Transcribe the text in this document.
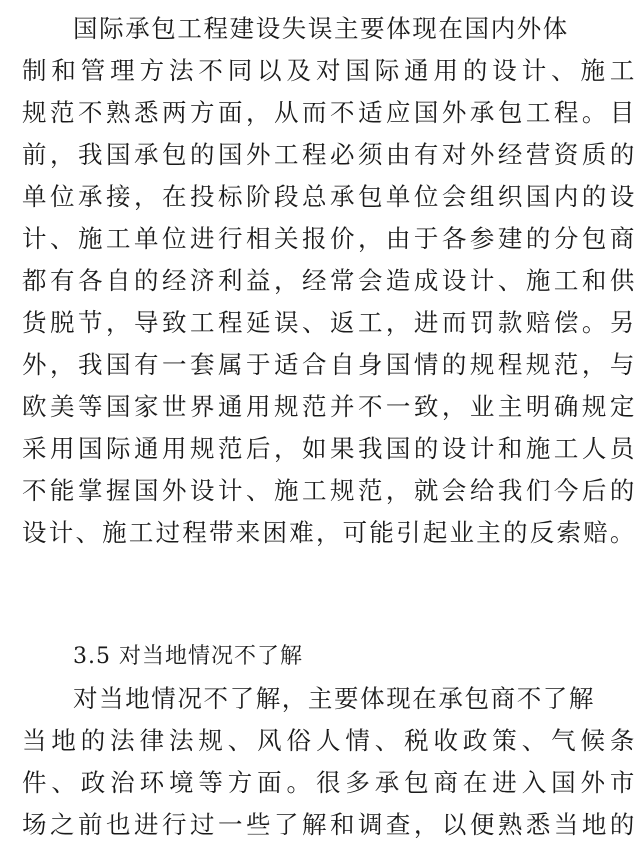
国际承包工程建设失误主要体现在国内外体
制和管理方法不同以及对国际通用的设计、施工
规范不熟悉两方面，从而不适应国外承包工程。目
前，我国承包的国外工程必须由有对外经营资质的
单位承接，在投标阶段总承包单位会组织国内的设
计、施工单位进行相关报价，由于各参建的分包商
都有各自的经济利益，经常会造成设计、施工和供
货脱节，导致工程延误、返工，进而罚款赔偿。另
外，我国有一套属于适合自身国情的规程规范，与
欧美等国家世界通用规范并不一致，业主明确规定
采用国际通用规范后，如果我国的设计和施工人员
不能掌握国外设计、施工规范，就会给我们今后的
设计、施工过程带来困难，可能引起业主的反索赔。
3.5 对当地情况不了解
对当地情况不了解，主要体现在承包商不了解
当地的法律法规、风俗人情、税收政策、气候条
件、政治环境等方面。很多承包商在进入国外市
场之前也进行过一些了解和调查，以便熟悉当地的
